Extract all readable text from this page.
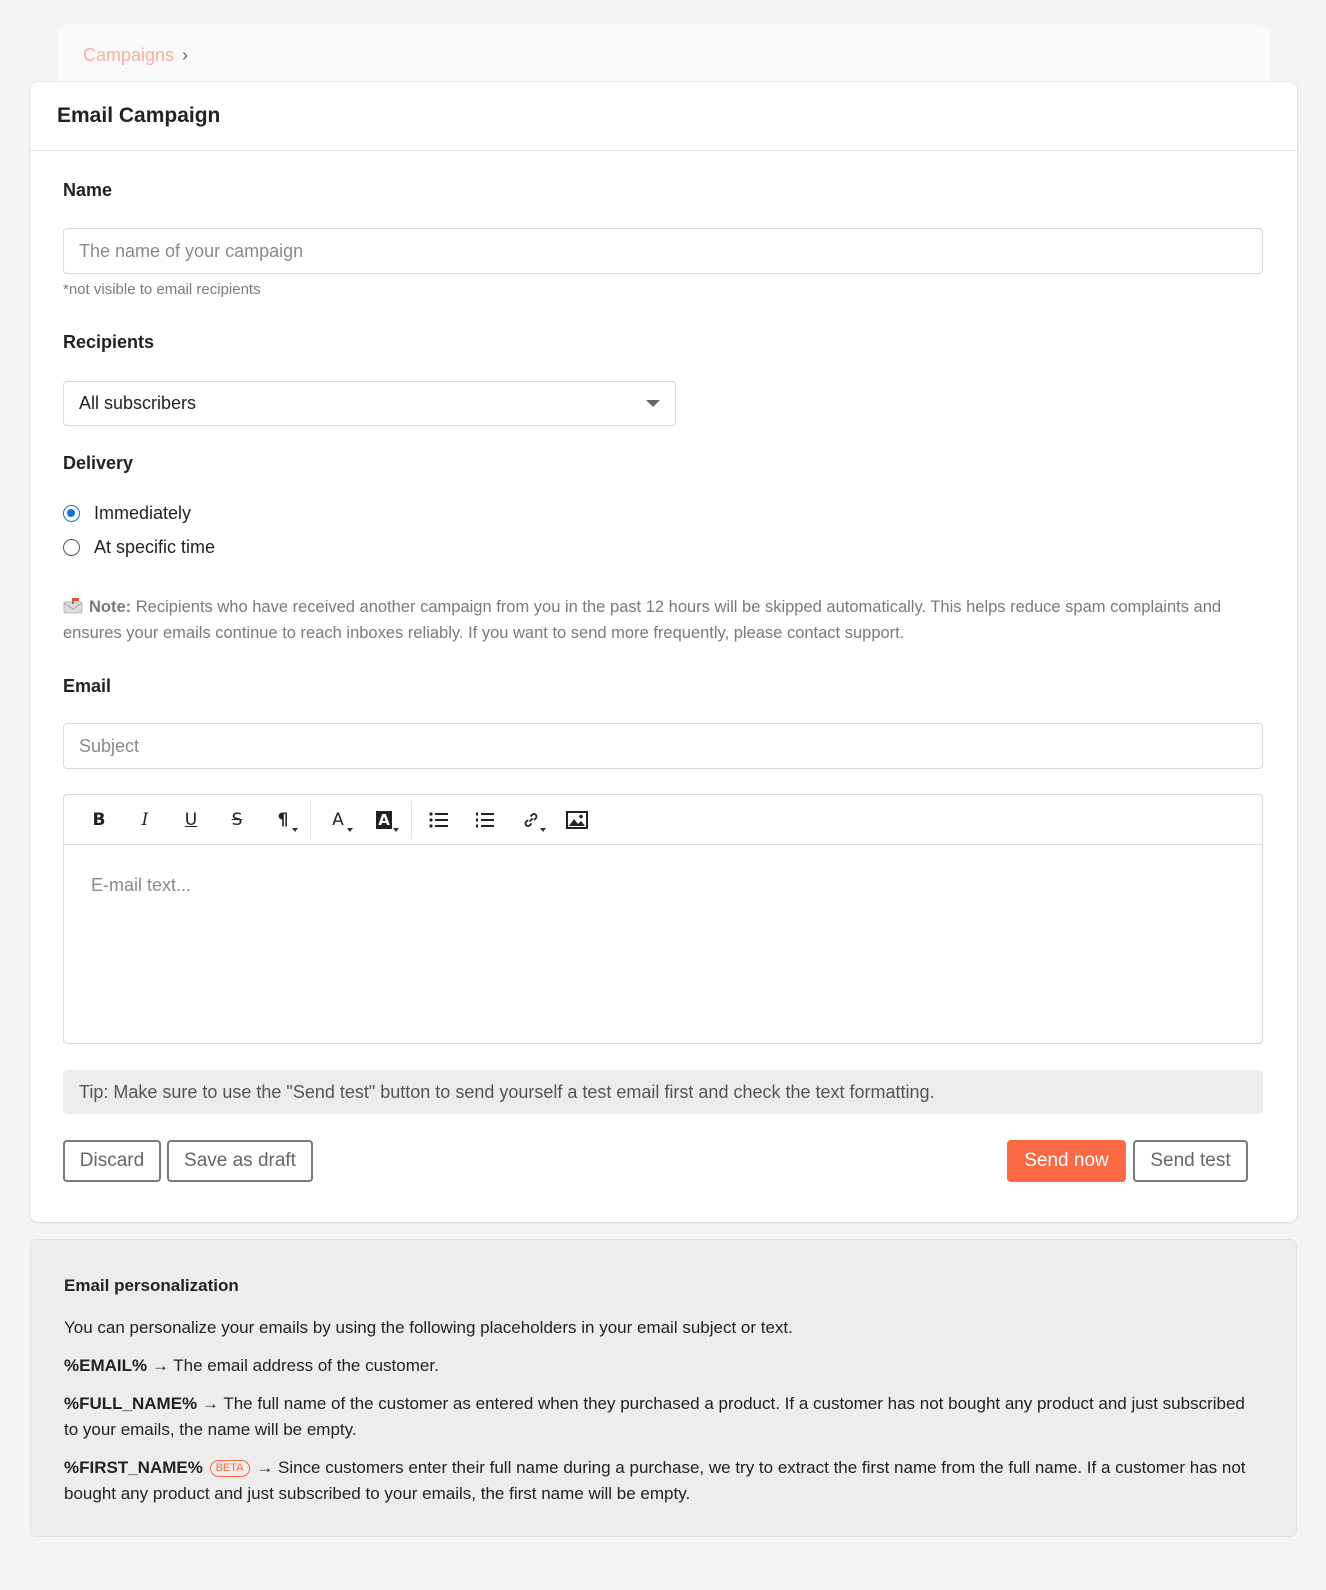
Campaigns ›
Email Campaign
Name
The name of your campaign
*not visible to email recipients
Recipients
All subscribers
Delivery
Immediately
At specific time
Note: Recipients who have received another campaign from you in the past 12 hours will be skipped automatically. This helps reduce spam complaints and ensures your emails continue to reach inboxes reliably. If you want to send more frequently, please contact support.
Email
Subject
B I U S ¶	A A
E-mail text...
Tip: Make sure to use the "Send test" button to send yourself a test email first and check the text formatting.
Discard	Save as draft	Send now	Send test
Email personalization

You can personalize your emails by using the following placeholders in your email subject or text.

%EMAIL% → The email address of the customer.

%FULL_NAME% → The full name of the customer as entered when they purchased a product. If a customer has not bought any product and just subscribed to your emails, the name will be empty.

%FIRST_NAME% BETA → Since customers enter their full name during a purchase, we try to extract the first name from the full name. If a customer has not bought any product and just subscribed to your emails, the first name will be empty.
